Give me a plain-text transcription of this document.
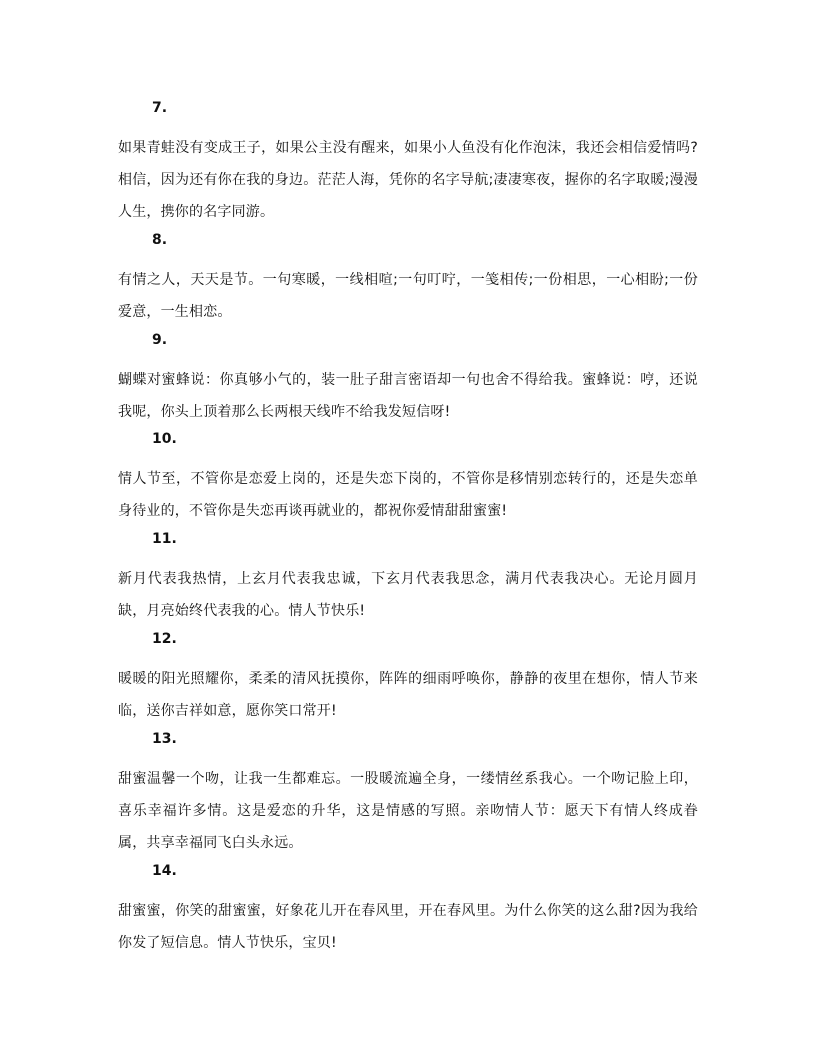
7.
如果青蛙没有变成王子，如果公主没有醒来，如果小人鱼没有化作泡沫，我还会相信爱情吗?相信，因为还有你在我的身边。茫茫人海，凭你的名字导航;凄凄寒夜，握你的名字取暖;漫漫人生，携你的名字同游。
8.
有情之人，天天是节。一句寒暖，一线相喧;一句叮咛，一笺相传;一份相思，一心相盼;一份爱意，一生相恋。
9.
蝴蝶对蜜蜂说：你真够小气的，装一肚子甜言密语却一句也舍不得给我。蜜蜂说：哼，还说我呢，你头上顶着那么长两根天线咋不给我发短信呀!
10.
情人节至，不管你是恋爱上岗的，还是失恋下岗的，不管你是移情别恋转行的，还是失恋单身待业的，不管你是失恋再谈再就业的，都祝你爱情甜甜蜜蜜!
11.
新月代表我热情，上玄月代表我忠诚，下玄月代表我思念，满月代表我决心。无论月圆月缺，月亮始终代表我的心。情人节快乐!
12.
暖暖的阳光照耀你，柔柔的清风抚摸你，阵阵的细雨呼唤你，静静的夜里在想你，情人节来临，送你吉祥如意，愿你笑口常开!
13.
甜蜜温馨一个吻，让我一生都难忘。一股暖流遍全身，一缕情丝系我心。一个吻记脸上印，喜乐幸福许多情。这是爱恋的升华，这是情感的写照。亲吻情人节：愿天下有情人终成眷属，共享幸福同飞白头永远。
14.
甜蜜蜜，你笑的甜蜜蜜，好象花儿开在春风里，开在春风里。为什么你笑的这么甜?因为我给你发了短信息。情人节快乐，宝贝!
